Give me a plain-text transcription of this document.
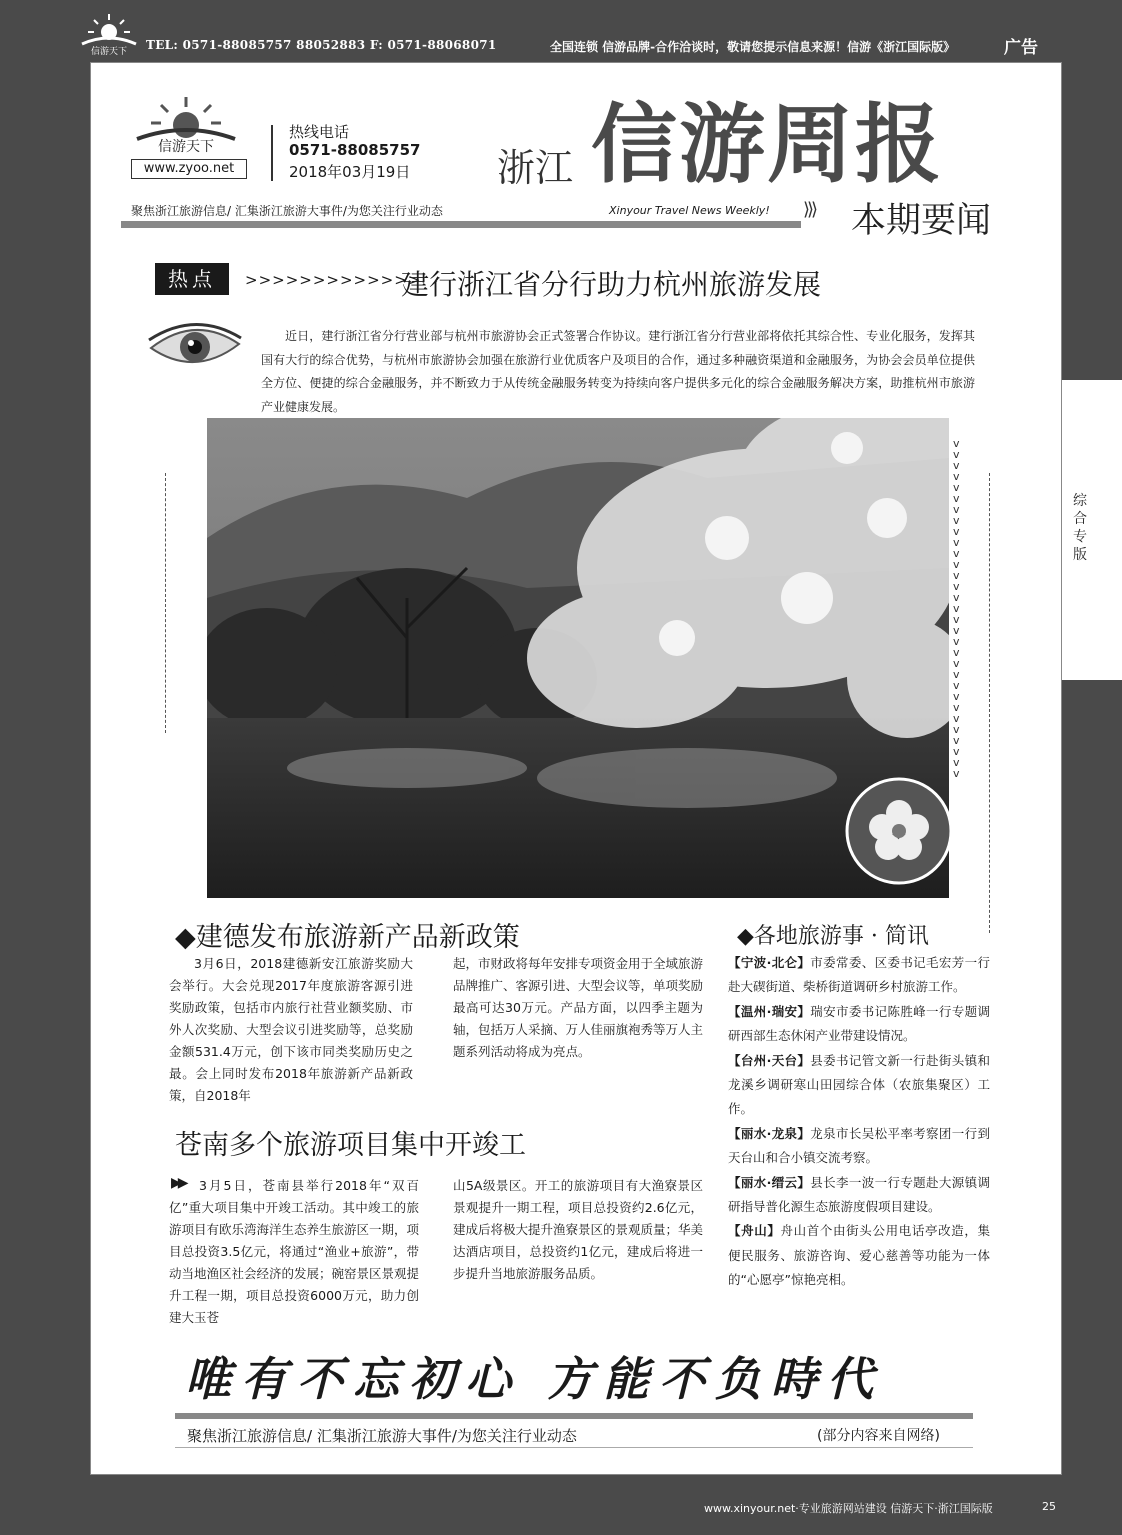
信游天下 TEL: 0571-88085757 88052883 F: 0571-88068071	全国连锁 信游品牌-合作洽谈时，敬请您提示信息来源！信游《浙江国际版》	广告
综合专版
信游天下
www.zyoo.net
热线电话
0571-88085757
2018年03月19日 浙江 信游周报
聚焦浙江旅游信息/ 汇集浙江旅游大事件/为您关注行业动态	Xinyour Travel News Weekly! ⟩⟩⟩ 本期要闻
热点	>>>>>>>>>>>>>
建行浙江省分行助力杭州旅游发展
近日，建行浙江省分行营业部与杭州市旅游协会正式签署合作协议。建行浙江省分行营业部将依托其综合性、专业化服务，发挥其国有大行的综合优势，与杭州市旅游协会加强在旅游行业优质客户及项目的合作，通过多种融资渠道和金融服务，为协会会员单位提供全方位、便捷的综合金融服务，并不断致力于从传统金融服务转变为持续向客户提供多元化的综合金融服务解决方案，助推杭州市旅游产业健康发展。
vvvvvvvvvvvvvvvvvvvvvvvvvvvvvvv
◆建德发布旅游新产品新政策
3月6日，2018建德新安江旅游奖励大会举行。大会兑现2017年度旅游客源引进奖励政策，包括市内旅行社营业额奖励、市外人次奖励、大型会议引进奖励等，总奖励金额531.4万元，创下该市同类奖励历史之最。会上同时发布2018年旅游新产品新政策，自2018年
起，市财政将每年安排专项资金用于全域旅游品牌推广、客源引进、大型会议等，单项奖励最高可达30万元。产品方面，以四季主题为轴，包括万人采摘、万人佳丽旗袍秀等万人主题系列活动将成为亮点。
苍南多个旅游项目集中开竣工
▶▶	3月5日，苍南县举行2018年“双百亿”重大项目集中开竣工活动。其中竣工的旅游项目有欧乐湾海洋生态养生旅游区一期，项目总投资3.5亿元，将通过“渔业+旅游”，带动当地渔区社会经济的发展；碗窑景区景观提升工程一期，项目总投资6000万元，助力创建大玉苍
山5A级景区。开工的旅游项目有大渔寮景区景观提升一期工程，项目总投资约2.6亿元，建成后将极大提升渔寮景区的景观质量；华美达酒店项目，总投资约1亿元，建成后将进一步提升当地旅游服务品质。
◆各地旅游事 · 简讯
【宁波·北仑】市委常委、区委书记毛宏芳一行赴大碶街道、柴桥街道调研乡村旅游工作。
【温州·瑞安】瑞安市委书记陈胜峰一行专题调研西部生态休闲产业带建设情况。
【台州·天台】县委书记管文新一行赴街头镇和龙溪乡调研寒山田园综合体（农旅集聚区）工作。
【丽水·龙泉】龙泉市长吴松平率考察团一行到天台山和合小镇交流考察。
【丽水·缙云】县长李一波一行专题赴大源镇调研指导普化源生态旅游度假项目建设。
【舟山】舟山首个由街头公用电话亭改造，集便民服务、旅游咨询、爱心慈善等功能为一体的“心愿亭”惊艳亮相。
唯有不忘初心 方能不负時代
聚焦浙江旅游信息/ 汇集浙江旅游大事件/为您关注行业动态	(部分内容来自网络)
www.xinyour.net·专业旅游网站建设 信游天下·浙江国际版	25
